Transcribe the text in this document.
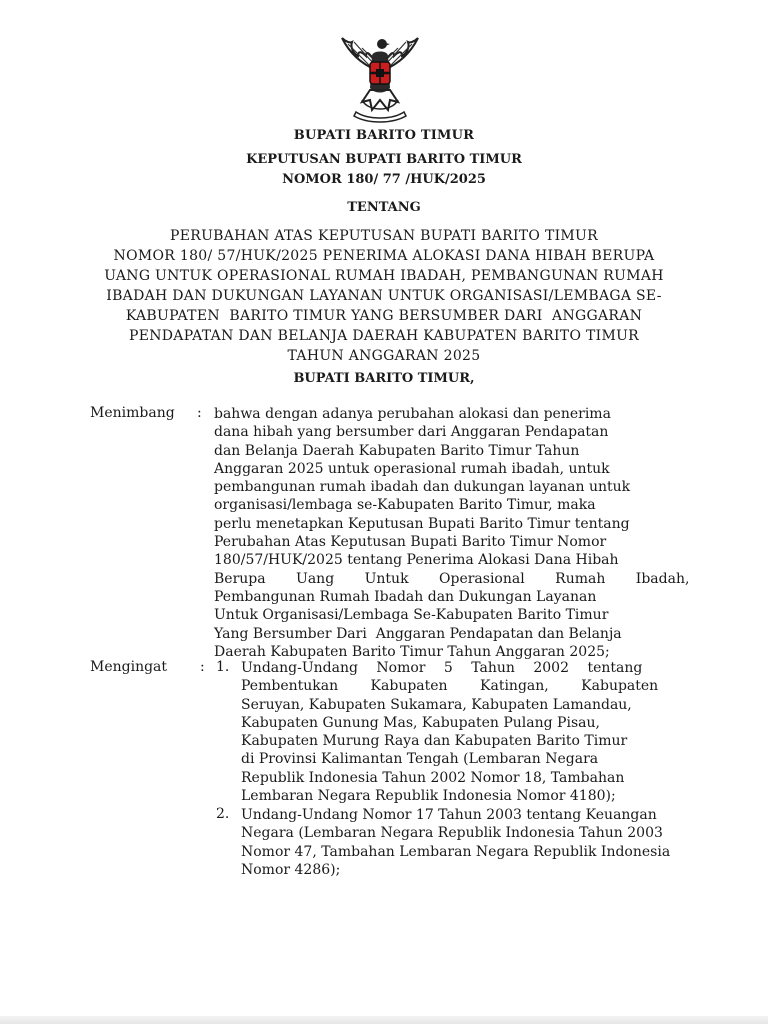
BUPATI BARITO TIMUR
KEPUTUSAN BUPATI BARITO TIMUR
NOMOR 180/ 77 /HUK/2025
TENTANG
PERUBAHAN ATAS KEPUTUSAN BUPATI BARITO TIMUR
NOMOR 180/ 57/HUK/2025 PENERIMA ALOKASI DANA HIBAH BERUPA
UANG UNTUK OPERASIONAL RUMAH IBADAH, PEMBANGUNAN RUMAH
IBADAH DAN DUKUNGAN LAYANAN UNTUK ORGANISASI/LEMBAGA SE-
KABUPATEN  BARITO TIMUR YANG BERSUMBER DARI  ANGGARAN
PENDAPATAN DAN BELANJA DAERAH KABUPATEN BARITO TIMUR
TAHUN ANGGARAN 2025
BUPATI BARITO TIMUR,
Menimbang : bahwa dengan adanya perubahan alokasi dan penerima
dana hibah yang bersumber dari Anggaran Pendapatan
dan Belanja Daerah Kabupaten Barito Timur Tahun
Anggaran 2025 untuk operasional rumah ibadah, untuk
pembangunan rumah ibadah dan dukungan layanan untuk
organisasi/lembaga se-Kabupaten Barito Timur, maka
perlu menetapkan Keputusan Bupati Barito Timur tentang
Perubahan Atas Keputusan Bupati Barito Timur Nomor
180/57/HUK/2025 tentang Penerima Alokasi Dana Hibah
Berupa Uang Untuk Operasional Rumah Ibadah,
Pembangunan Rumah Ibadah dan Dukungan Layanan
Untuk Organisasi/Lembaga Se-Kabupaten Barito Timur
Yang Bersumber Dari  Anggaran Pendapatan dan Belanja
Daerah Kabupaten Barito Timur Tahun Anggaran 2025;
Mengingat : 1. Undang-Undang Nomor 5 Tahun 2002 tentang
Pembentukan Kabupaten Katingan, Kabupaten
Seruyan, Kabupaten Sukamara, Kabupaten Lamandau,
Kabupaten Gunung Mas, Kabupaten Pulang Pisau,
Kabupaten Murung Raya dan Kabupaten Barito Timur
di Provinsi Kalimantan Tengah (Lembaran Negara
Republik Indonesia Tahun 2002 Nomor 18, Tambahan
Lembaran Negara Republik Indonesia Nomor 4180);
2. Undang-Undang Nomor 17 Tahun 2003 tentang Keuangan
Negara (Lembaran Negara Republik Indonesia Tahun 2003
Nomor 47, Tambahan Lembaran Negara Republik Indonesia
Nomor 4286);
